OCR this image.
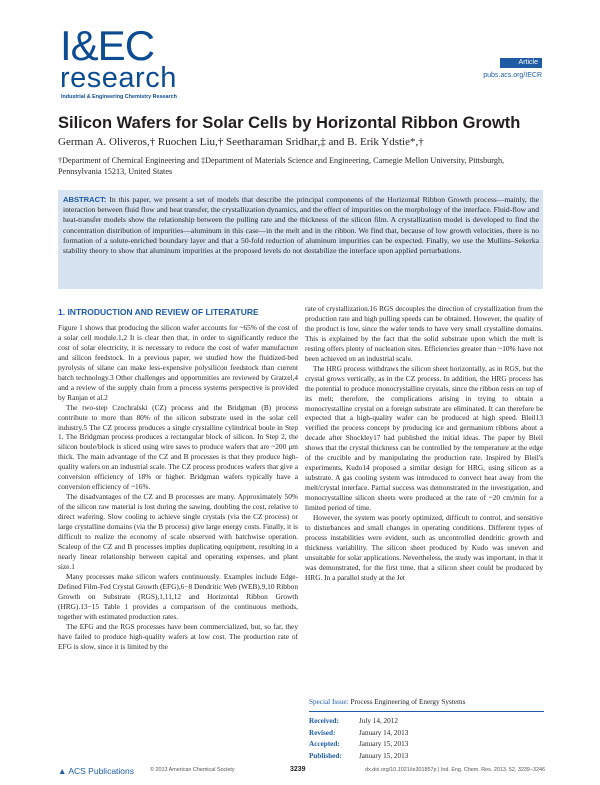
I&EC
research
Industrial & Engineering Chemistry Research
Article
pubs.acs.org/IECR
Silicon Wafers for Solar Cells by Horizontal Ribbon Growth
German A. Oliveros,† Ruochen Liu,† Seetharaman Sridhar,‡ and B. Erik Ydstie*,†
†Department of Chemical Engineering and ‡Department of Materials Science and Engineering, Carnegie Mellon University, Pittsburgh, Pennsylvania 15213, United States
ABSTRACT: In this paper, we present a set of models that describe the principal components of the Horizontal Ribbon Growth process—mainly, the interaction between fluid flow and heat transfer, the crystallization dynamics, and the effect of impurities on the morphology of the interface. Fluid-flow and heat-transfer models show the relationship between the pulling rate and the thickness of the silicon film. A crystallization model is developed to find the concentration distribution of impurities—aluminum in this case—in the melt and in the ribbon. We find that, because of low growth velocities, there is no formation of a solute-enriched boundary layer and that a 50-fold reduction of aluminum impurities can be expected. Finally, we use the Mullins–Sekerka stability theory to show that aluminum impurities at the proposed levels do not destabilize the interface upon applied perturbations.
1. INTRODUCTION AND REVIEW OF LITERATURE

Figure 1 shows that producing the silicon wafer accounts for ~65% of the cost of a solar cell module.1,2 It is clear then that, in order to significantly reduce the cost of solar electricity, it is necessary to reduce the cost of wafer manufacture and silicon feedstock. In a previous paper, we studied how the fluidized-bed pyrolysis of silane can make less-expensive polysilicon feedstock than current batch technology.3 Other challenges and opportunities are reviewed by Gratzel,4 and a review of the supply chain from a process systems perspective is provided by Ranjan et al.2

The two-step Czochralski (CZ) process and the Bridgman (B) process contribute to more than 80% of the silicon substrate used in the solar cell industry.5 The CZ process produces a single crystalline cylindrical boule in Step 1. The Bridgman process produces a rectangular block of silicon. In Step 2, the silicon boule/block is sliced using wire saws to produce wafers that are ~200 μm thick. The main advantage of the CZ and B processes is that they produce high-quality wafers on an industrial scale. The CZ process produces wafers that give a conversion efficiency of 18% or higher. Bridgman wafers typically have a conversion efficiency of ~16%.

The disadvantages of the CZ and B processes are many. Approximately 50% of the silicon raw material is lost during the sawing, doubling the cost, relative to direct wafering. Slow cooling to achieve single crystals (via the CZ process) or large crystalline domains (via the B process) give large energy costs. Finally, it is difficult to realize the economy of scale observed with batchwise operation. Scaleup of the CZ and B processes implies duplicating equipment, resulting in a nearly linear relationship between capital and operating expenses, and plant size.1

Many processes make silicon wafers continuously. Examples include Edge-Defined Film-Fed Crystal Growth (EFG),6−8 Dendritic Web (WEB),9,10 Ribbon Growth on Substrate (RGS),1,11,12 and Horizontal Ribbon Growth (HRG).13−15 Table 1 provides a comparison of the continuous methods, together with estimated production rates.

The EFG and the RGS processes have been commercialized, but, so far, they have failed to produce high-quality wafers at low cost. The production rate of EFG is slow, since it is limited by the

rate of crystallization.16 RGS decouples the direction of crystallization from the production rate and high pulling speeds can be obtained. However, the quality of the product is low, since the wafer tends to have very small crystalline domains. This is explained by the fact that the solid substrate upon which the melt is resting offers plenty of nucleation sites. Efficiencies greater than ~10% have not been achieved on an industrial scale.

The HRG process withdraws the silicon sheet horizontally, as in RGS, but the crystal grows vertically, as in the CZ process. In addition, the HRG process has the potential to produce monocrystalline crystals, since the ribbon rests on top of its melt; therefore, the complications arising in trying to obtain a monocrystalline crystal on a foreign substrate are eliminated. It can therefore be expected that a high-quality wafer can be produced at high speed. Bleil13 verified the process concept by producing ice and germanium ribbons about a decade after Shockley17 had published the initial ideas. The paper by Bleil shows that the crystal thickness can be controlled by the temperature at the edge of the crucible and by manipulating the production rate. Inspired by Bleil's experiments, Kudo14 proposed a similar design for HRG, using silicon as a substrate. A gas cooling system was introduced to convect heat away from the melt/crystal interface. Partial success was demonstrated in the investigation, and monocrystalline silicon sheets were produced at the rate of ~20 cm/min for a limited period of time.

However, the system was poorly optimized, difficult to control, and sensitive to disturbances and small changes in operating conditions. Different types of process instabilities were evident, such as uncontrolled dendritic growth and thickness variability. The silicon sheet produced by Kudo was uneven and unsuitable for solar applications. Nevertheless, the study was important, in that it was demonstrated, for the first time, that a silicon sheet could be produced by HRG. In a parallel study at the Jet

Special Issue: Process Engineering of Energy Systems
Received:	July 14, 2012
Revised:	January 14, 2013
Accepted:	January 15, 2013
Published: January 15, 2013
▲ ACS Publications	© 2013 American Chemical Society	3239	dx.doi.org/10.1021/ie301857p | Ind. Eng. Chem. Res. 2013, 52, 3239−3246
